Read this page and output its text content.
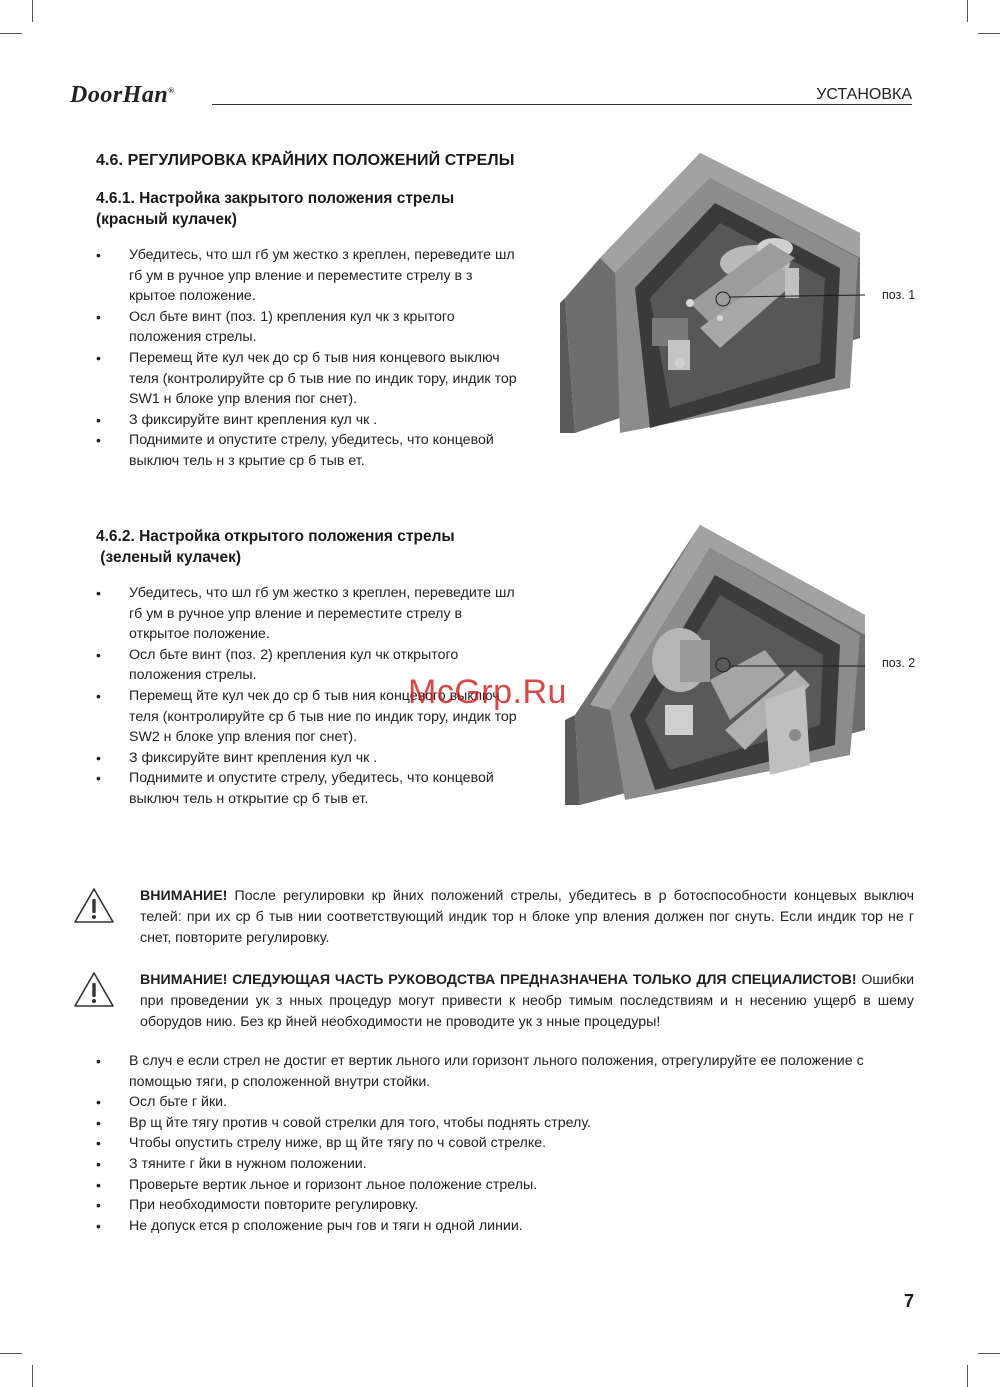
DoorHan®	УСТАНОВКА
4.6. РЕГУЛИРОВКА КРАЙНИХ ПОЛОЖЕНИЙ СТРЕЛЫ
4.6.1. Настройка закрытого положения стрелы
(красный кулачек)
• Убедитесь, что шл гб ум жестко з креплен, переведите шл гб ум в ручное упр вление и переместите стрелу в з крытое положение.
• Осл бьте винт (поз. 1) крепления кул чк з крытого положения стрелы.
• Перемещ йте кул чек до ср б тыв ния концевого выключ теля (контролируйте ср б тыв ние по индик тору, индик тор SW1 н блоке упр вления пог снет).
• З фиксируйте винт крепления кул чк .
• Поднимите и опустите стрелу, убедитесь, что концевой выключ тель н з крытие ср б тыв ет.
поз. 1
4.6.2. Настройка открытого положения стрелы
(зеленый кулачек)
• Убедитесь, что шл гб ум жестко з креплен, переведите шл гб ум в ручное упр вление и переместите стрелу в открытое положение.
• Осл бьте винт (поз. 2) крепления кул чк открытого положения стрелы.
• Перемещ йте кул чек до ср б тыв ния концевого выключ теля (контролируйте ср б тыв ние по индик тору, индик тор SW2 н блоке упр вления пог снет).
• З фиксируйте винт крепления кул чк .
• Поднимите и опустите стрелу, убедитесь, что концевой выключ тель н открытие ср б тыв ет.
поз. 2
McGrp.Ru

ВНИМАНИЕ! После регулировки кр йних положений стрелы, убедитесь в р ботоспособности концевых выключ телей: при их ср б тыв нии соответствующий индик тор н блоке упр вления должен пог снуть. Если индик тор не г снет, повторите регулировку.

ВНИМАНИЕ! СЛЕДУЮЩАЯ ЧАСТЬ РУКОВОДСТВА ПРЕДНАЗНАЧЕНА ТОЛЬКО ДЛЯ СПЕЦИАЛИСТОВ! Ошибки при проведении ук з нных процедур могут привести к необр тимым последствиям и н несению ущерб в шему оборудов нию. Без кр йней необходимости не проводите ук з нные процедуры!

• В случ е если стрел не достиг ет вертик льного или горизонт льного положения, отрегулируйте ее положение с помощью тяги, р сположенной внутри стойки.
• Осл бьте г йки.
• Вр щ йте тягу против ч совой стрелки для того, чтобы поднять стрелу.
• Чтобы опустить стрелу ниже, вр щ йте тягу по ч совой стрелке.
• З тяните г йки в нужном положении.
• Проверьте вертик льное и горизонт льное положение стрелы.
• При необходимости повторите регулировку.
• Не допуск ется р сположение рыч гов и тяги н одной линии.
7
